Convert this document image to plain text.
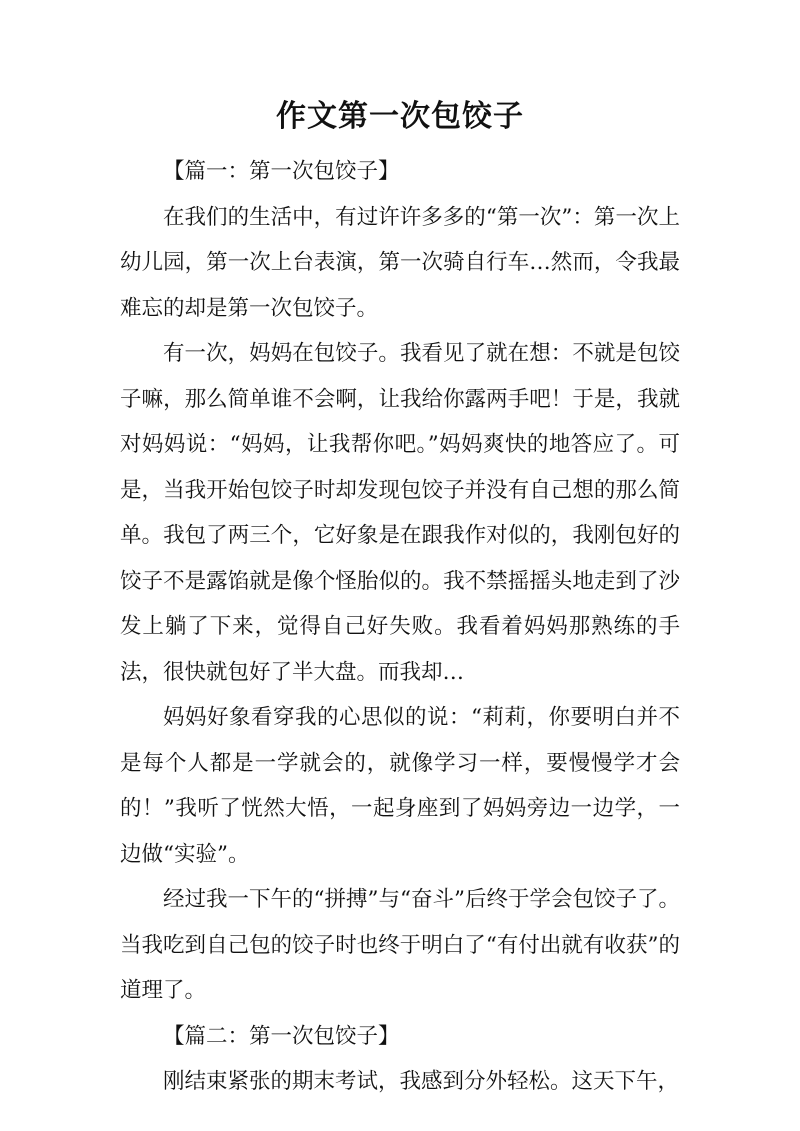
作文第一次包饺子

【篇一：第一次包饺子】

在我们的生活中，有过许许多多的“第一次”：第一次上幼儿园，第一次上台表演，第一次骑自行车…然而，令我最难忘的却是第一次包饺子。

有一次，妈妈在包饺子。我看见了就在想：不就是包饺子嘛，那么简单谁不会啊，让我给你露两手吧！于是，我就对妈妈说：“妈妈，让我帮你吧。”妈妈爽快的地答应了。可是，当我开始包饺子时却发现包饺子并没有自己想的那么简单。我包了两三个，它好象是在跟我作对似的，我刚包好的饺子不是露馅就是像个怪胎似的。我不禁摇摇头地走到了沙发上躺了下来，觉得自己好失败。我看着妈妈那熟练的手法，很快就包好了半大盘。而我却…

妈妈好象看穿我的心思似的说：“莉莉，你要明白并不是每个人都是一学就会的，就像学习一样，要慢慢学才会的！”我听了恍然大悟，一起身座到了妈妈旁边一边学，一边做“实验”。

经过我一下午的“拼搏”与“奋斗”后终于学会包饺子了。当我吃到自己包的饺子时也终于明白了“有付出就有收获”的道理了。

【篇二：第一次包饺子】

刚结束紧张的期末考试，我感到分外轻松。这天下午，
